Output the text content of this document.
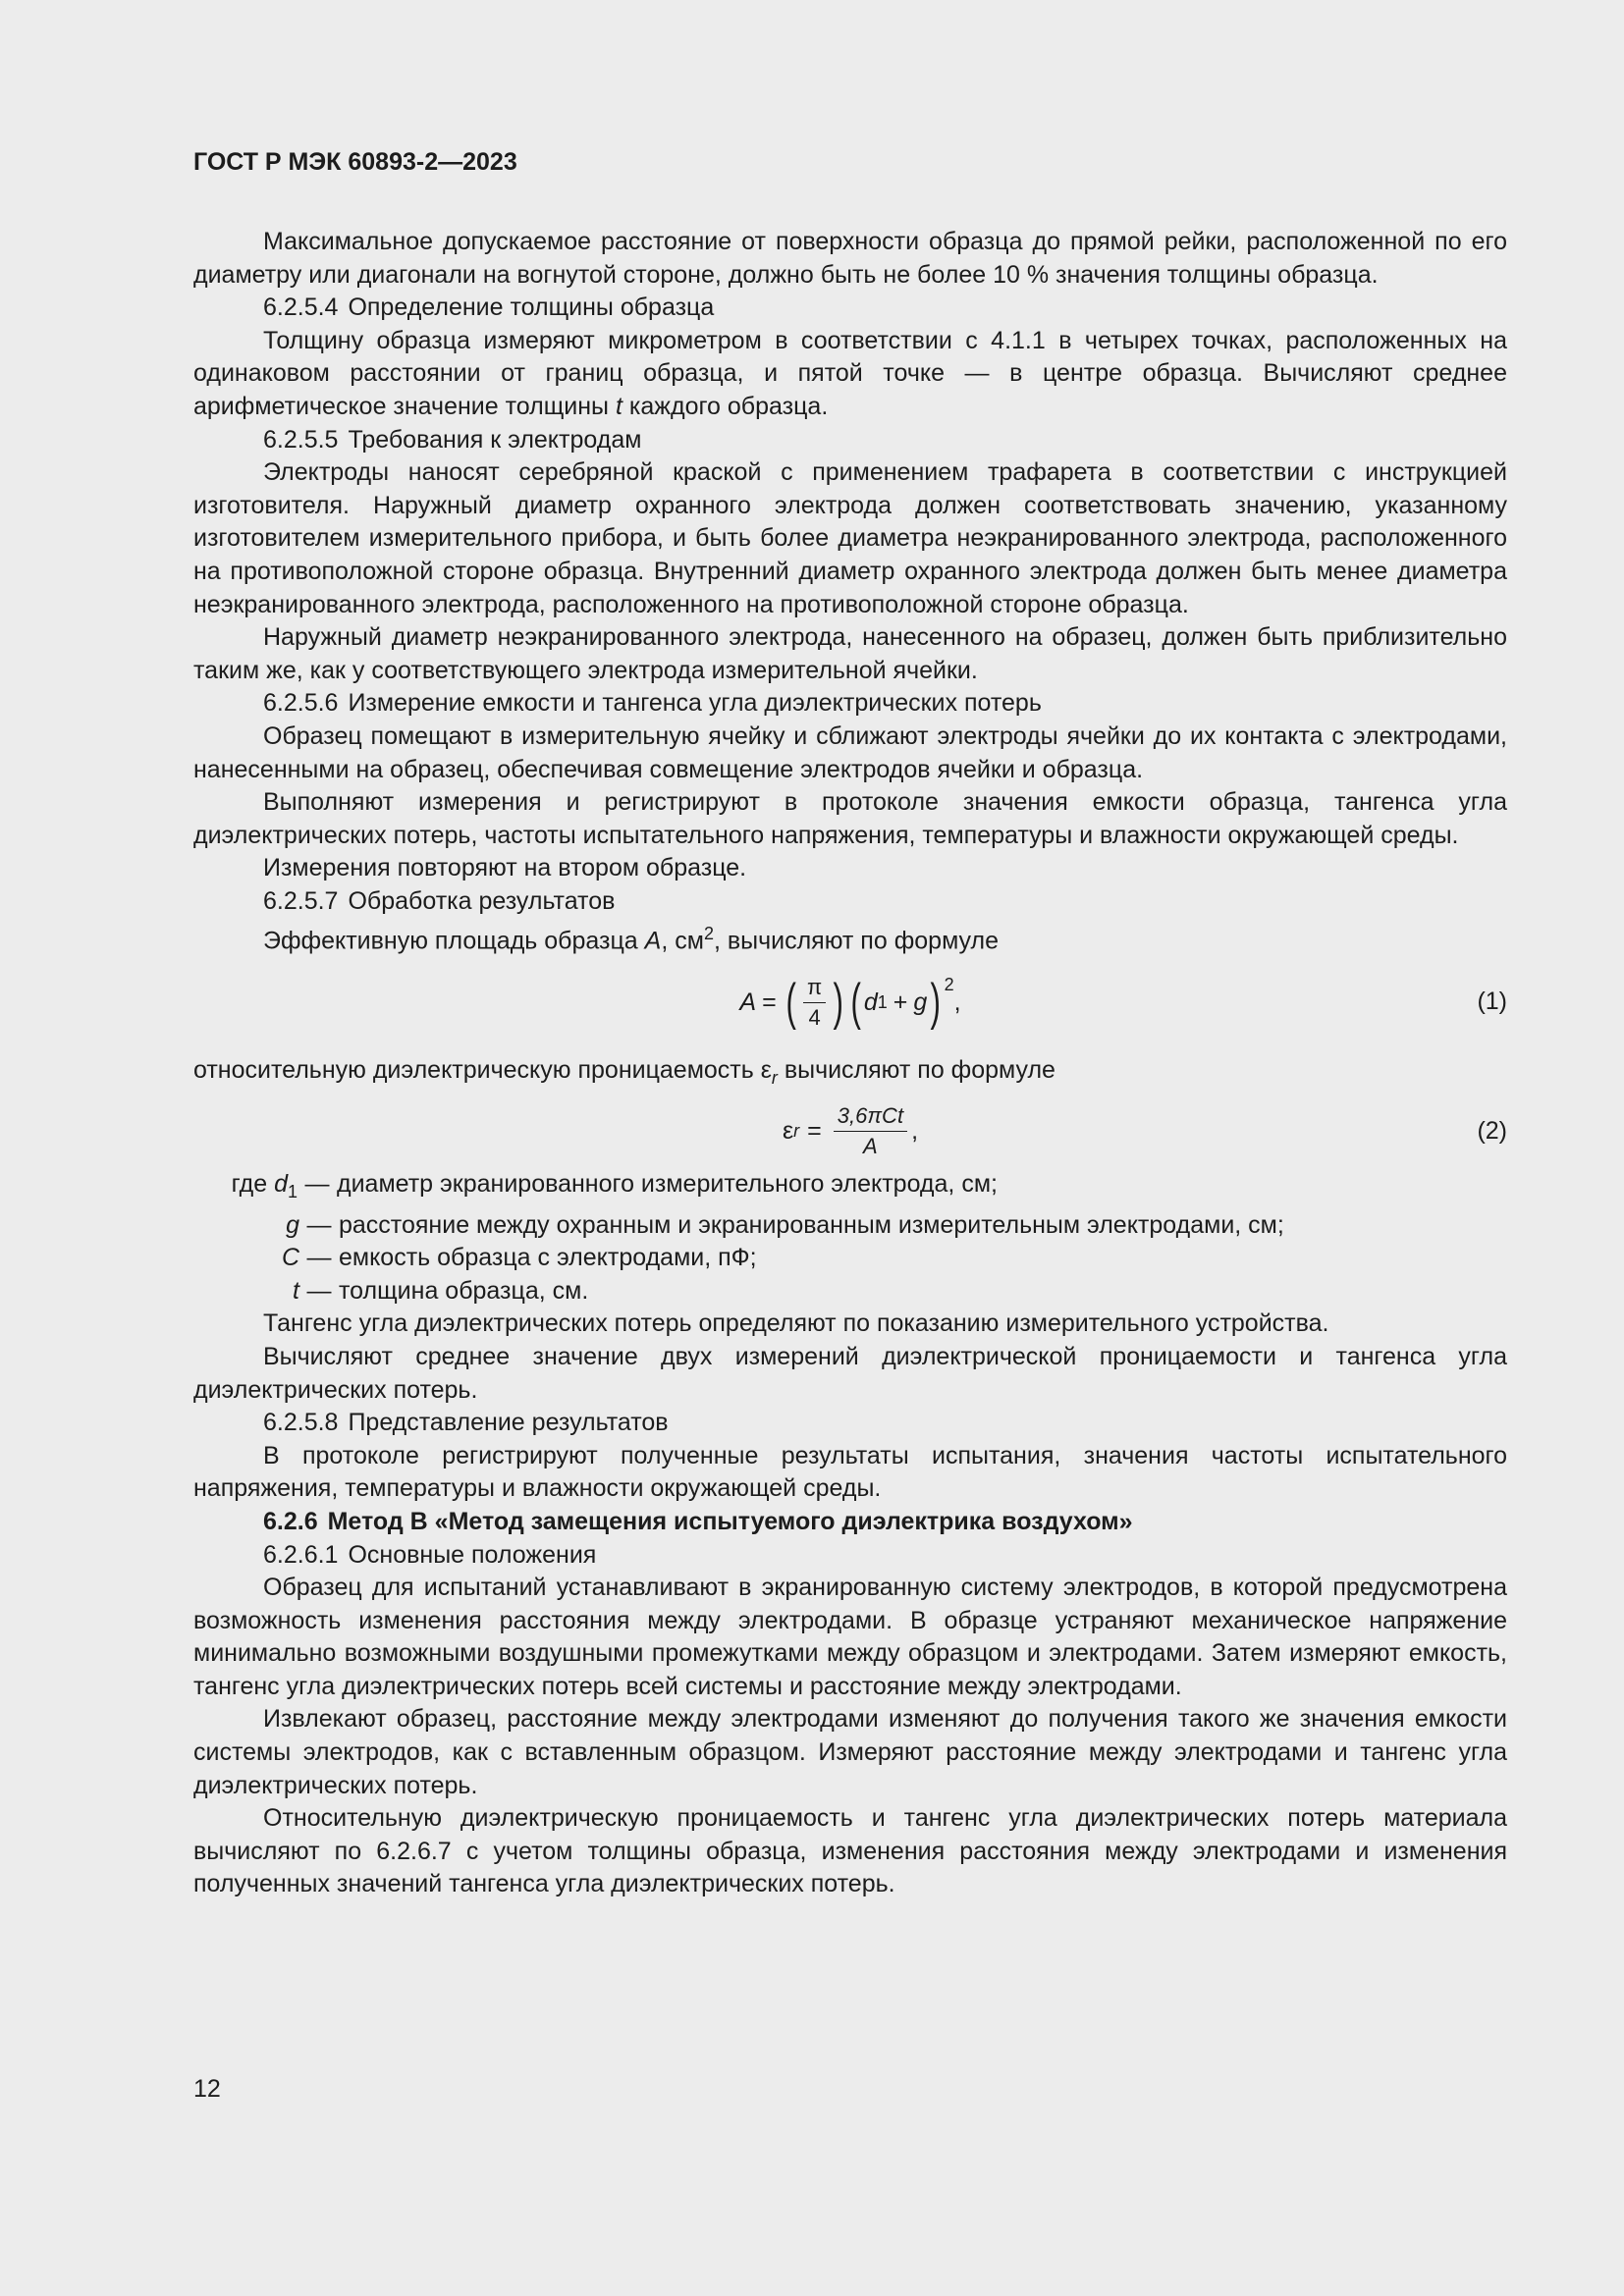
ГОСТ Р МЭК 60893-2—2023

Максимальное допускаемое расстояние от поверхности образца до прямой рейки, расположенной по его диаметру или диагонали на вогнутой стороне, должно быть не более 10 % значения толщины образца.

6.2.5.4 Определение толщины образца

Толщину образца измеряют микрометром в соответствии с 4.1.1 в четырех точках, расположенных на одинаковом расстоянии от границ образца, и пятой точке — в центре образца. Вычисляют среднее арифметическое значение толщины t каждого образца.

6.2.5.5 Требования к электродам

Электроды наносят серебряной краской с применением трафарета в соответствии с инструкцией изготовителя. Наружный диаметр охранного электрода должен соответствовать значению, указанному изготовителем измерительного прибора, и быть более диаметра неэкранированного электрода, расположенного на противоположной стороне образца. Внутренний диаметр охранного электрода должен быть менее диаметра неэкранированного электрода, расположенного на противоположной стороне образца.

Наружный диаметр неэкранированного электрода, нанесенного на образец, должен быть приблизительно таким же, как у соответствующего электрода измерительной ячейки.

6.2.5.6 Измерение емкости и тангенса угла диэлектрических потерь

Образец помещают в измерительную ячейку и сближают электроды ячейки до их контакта с электродами, нанесенными на образец, обеспечивая совмещение электродов ячейки и образца.

Выполняют измерения и регистрируют в протоколе значения емкости образца, тангенса угла диэлектрических потерь, частоты испытательного напряжения, температуры и влажности окружающей среды.

Измерения повторяют на втором образце.

6.2.5.7 Обработка результатов

Эффективную площадь образца A, $см^2$, вычисляют по формуле

A = ( $\frac{\pi}{4}$ ) ( d 1 + g )$^2$
,	(1)

относительную диэлектрическую проницаемость $\varepsilon_r$ вычисляют по формуле

ε $r = \frac{\text{3,6πCt}}{A}$ ,	(2)
где $d_1$ — диаметр экранированного измерительного электрода, см;
g — расстояние между охранным и экранированным измерительным электродами, см;
C — емкость образца с электродами, пФ;
t — толщина образца, см.

Тангенс угла диэлектрических потерь определяют по показанию измерительного устройства.

Вычисляют среднее значение двух измерений диэлектрической проницаемости и тангенса угла диэлектрических потерь.

6.2.5.8 Представление результатов

В протоколе регистрируют полученные результаты испытания, значения частоты испытательного напряжения, температуры и влажности окружающей среды.

6.2.6 Метод В «Метод замещения испытуемого диэлектрика воздухом»

6.2.6.1 Основные положения

Образец для испытаний устанавливают в экранированную систему электродов, в которой предусмотрена возможность изменения расстояния между электродами. В образце устраняют механическое напряжение минимально возможными воздушными промежутками между образцом и электродами. Затем измеряют емкость, тангенс угла диэлектрических потерь всей системы и расстояние между электродами.

Извлекают образец, расстояние между электродами изменяют до получения такого же значения емкости системы электродов, как с вставленным образцом. Измеряют расстояние между электродами и тангенс угла диэлектрических потерь.

Относительную диэлектрическую проницаемость и тангенс угла диэлектрических потерь материала вычисляют по 6.2.6.7 с учетом толщины образца, изменения расстояния между электродами и изменения полученных значений тангенса угла диэлектрических потерь.

12
